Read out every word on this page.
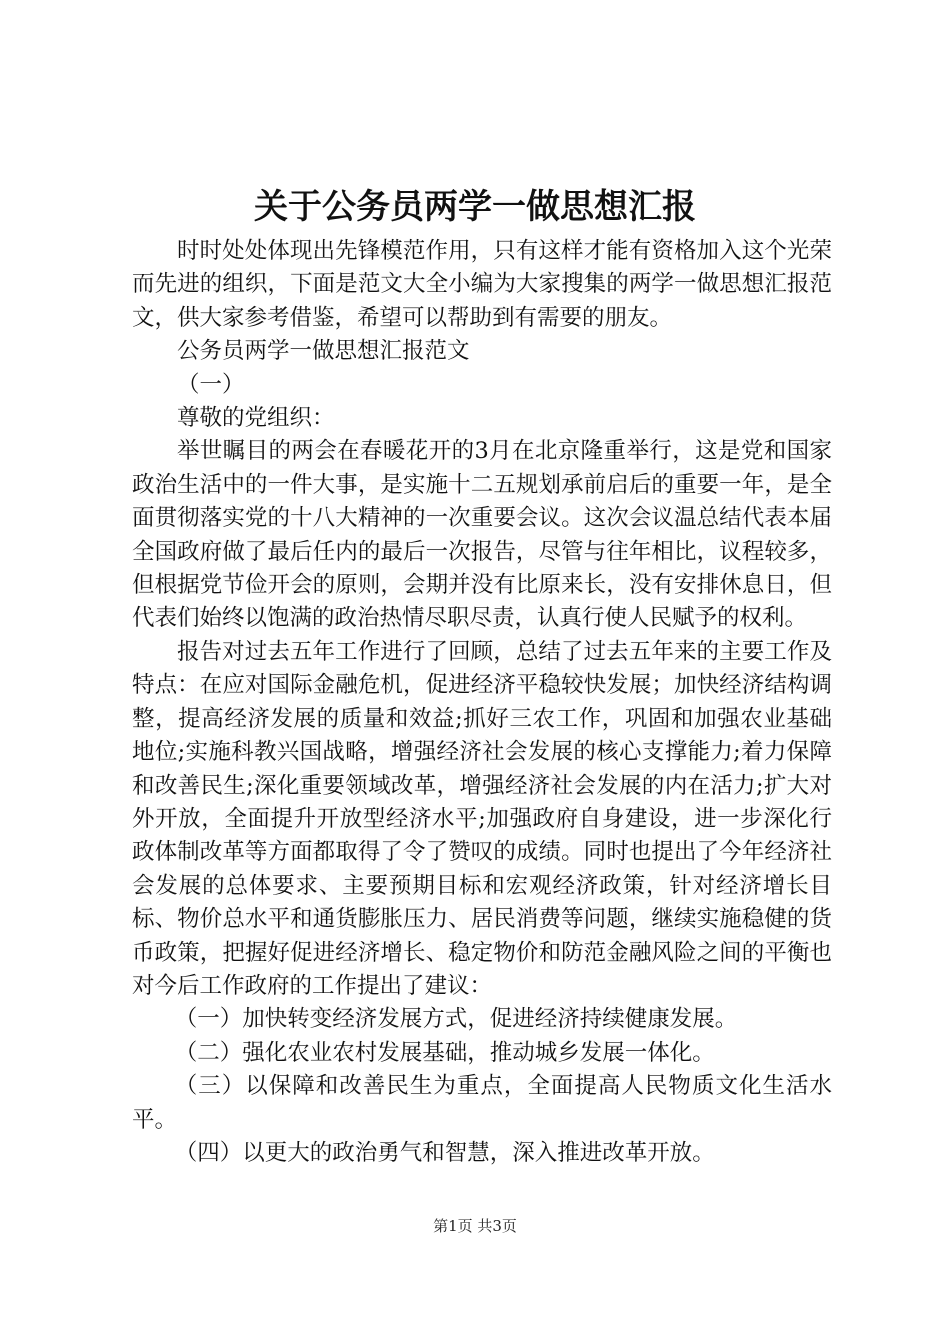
关于公务员两学一做思想汇报

时时处处体现出先锋模范作用，只有这样才能有资格加入这个光荣而先进的组织，下面是范文大全小编为大家搜集的两学一做思想汇报范文，供大家参考借鉴，希望可以帮助到有需要的朋友。

公务员两学一做思想汇报范文

（一）

尊敬的党组织：

举世瞩目的两会在春暖花开的3月在北京隆重举行，这是党和国家政治生活中的一件大事，是实施十二五规划承前启后的重要一年，是全面贯彻落实党的十八大精神的一次重要会议。这次会议温总结代表本届全国政府做了最后任内的最后一次报告，尽管与往年相比，议程较多，但根据党节俭开会的原则，会期并没有比原来长，没有安排休息日，但代表们始终以饱满的政治热情尽职尽责，认真行使人民赋予的权利。

报告对过去五年工作进行了回顾，总结了过去五年来的主要工作及特点：在应对国际金融危机，促进经济平稳较快发展；加快经济结构调整，提高经济发展的质量和效益;抓好三农工作，巩固和加强农业基础地位;实施科教兴国战略，增强经济社会发展的核心支撑能力;着力保障和改善民生;深化重要领域改革，增强经济社会发展的内在活力;扩大对外开放，全面提升开放型经济水平;加强政府自身建设，进一步深化行政体制改革等方面都取得了令了赞叹的成绩。同时也提出了今年经济社会发展的总体要求、主要预期目标和宏观经济政策，针对经济增长目标、物价总水平和通货膨胀压力、居民消费等问题，继续实施稳健的货币政策，把握好促进经济增长、稳定物价和防范金融风险之间的平衡也对今后工作政府的工作提出了建议：

（一）加快转变经济发展方式，促进经济持续健康发展。

（二）强化农业农村发展基础，推动城乡发展一体化。

（三）以保障和改善民生为重点，全面提高人民物质文化生活水平。

（四）以更大的政治勇气和智慧，深入推进改革开放。

第1页 共3页
